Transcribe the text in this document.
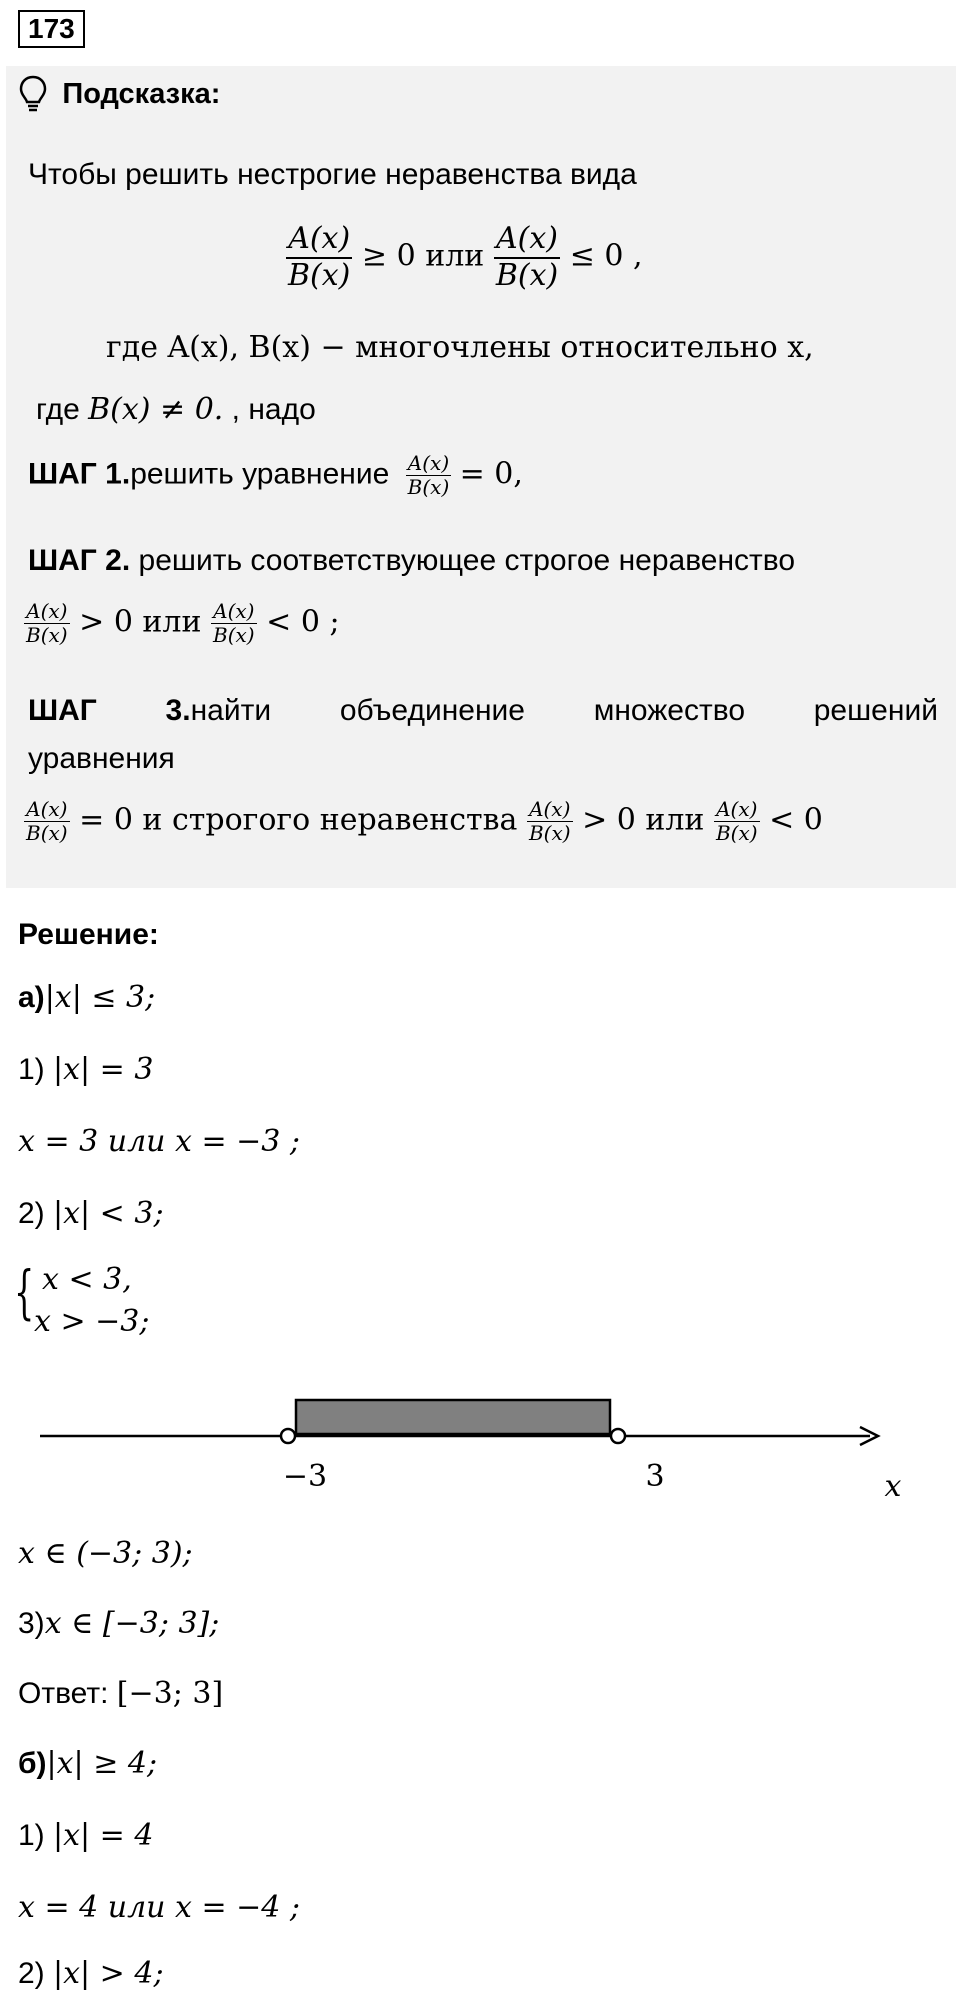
173
Подсказка:
Чтобы решить нестрогие неравенства вида
$\frac{A(x)}{B(x)} \ge 0$ или $\frac{A(x)}{B(x)} \le 0$ ,
где A(x), B(x) − многочлены относительно x,
где B(x) ≠ 0. , надо
ШАГ 1.решить уравнение $\frac{A(x)}{B(x)} = 0$,
ШАГ 2. решить соответствующее строгое неравенство
$\frac{A(x)}{B(x)} > 0$ или $\frac{A(x)}{B(x)} < 0$ ;
ШАГ 3.найти объединение множество решений
уравнения
$\frac{A(x)}{B(x)} = 0$ и строгого неравенства $\frac{A(x)}{B(x)} > 0$ или $\frac{A(x)}{B(x)} < 0$
Решение:
а)|x| ≤ 3;
1) |x| = 3
x = 3 или x = −3 ;
2) |x| < 3;
{ x < 3,
x > −3;
−3	3	x
x ∈ (−3; 3);
3)x ∈ [−3; 3];
Ответ: [−3; 3]
б)|x| ≥ 4;
1) |x| = 4
x = 4 или x = −4 ;
2) |x| > 4;
